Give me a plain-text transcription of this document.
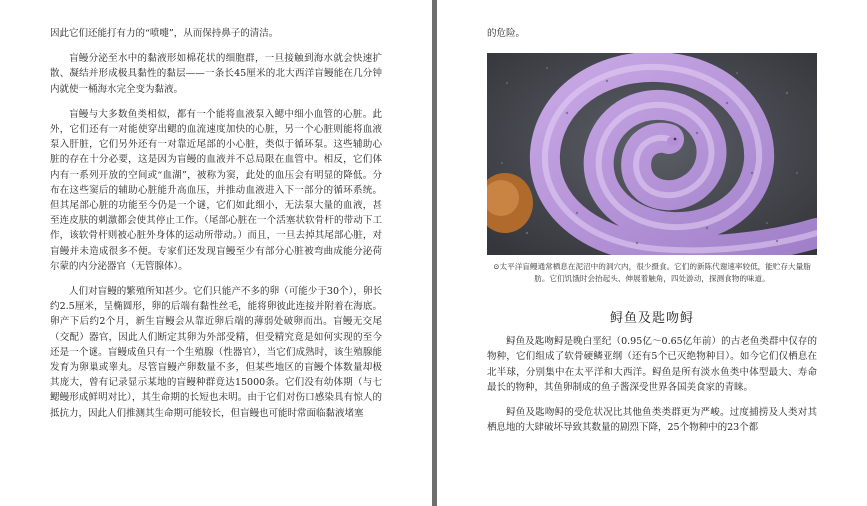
因此它们还能打有力的“喷嚏”，从而保持鼻子的清洁。

盲鳗分泌至水中的黏液形如棉花状的细胞群，一旦接触到海水就会快速扩散、凝结并形成极具黏性的黏层——一条长45厘米的北大西洋盲鳗能在几分钟内就使一桶海水完全变为黏液。

盲鳗与大多数鱼类相似，都有一个能将血液泵入鳃中细小血管的心脏。此外，它们还有一对能使穿出鳃的血流速度加快的心脏，另一个心脏则能将血液泵入肝脏，它们另外还有一对靠近尾部的小心脏，类似于循环泵。这些辅助心脏的存在十分必要，这是因为盲鳗的血液并不总局限在血管中。相反，它们体内有一系列开放的空间或“血湖”，被称为窦，此处的血压会有明显的降低。分布在这些窦后的辅助心脏能升高血压，并推动血液进入下一部分的循环系统。但其尾部心脏的功能至今仍是一个谜，它们如此细小，无法泵大量的血液，甚至连皮肤的刺激都会使其停止工作。（尾部心脏在一个活塞状软骨杆的带动下工作，该软骨杆则被心脏外身体的运动所带动。）而且，一旦去掉其尾部心脏，对盲鳗并未造成很多不便。专家们还发现盲鳗至少有部分心脏被弯曲成能分泌荷尔蒙的内分泌器官（无管腺体）。

人们对盲鳗的繁殖所知甚少。它们只能产不多的卵（可能少于30个），卵长约2.5厘米，呈椭圆形，卵的后端有黏性丝毛，能将卵彼此连接并附着在海底。卵产下后约2个月，新生盲鳗会从靠近卵后端的薄弱处破卵而出。盲鳗无交尾（交配）器官，因此人们断定其卵为外部受精，但受精究竟是如何实现的至今还是一个谜。盲鳗成鱼只有一个生殖腺（性器官），当它们成熟时，该生殖腺能发育为卵巢或睾丸。尽管盲鳗产卵数量不多，但某些地区的盲鳗个体数量却极其庞大，曾有记录显示某地的盲鳗种群竟达15000条。它们没有幼体期（与七鳃鳗形成鲜明对比），其生命期的长短也未明。由于它们对伤口感染具有惊人的抵抗力，因此人们推测其生命期可能较长，但盲鳗也可能时常面临黏液堵塞

的危险。

⊙太平洋盲鳗通常栖息在泥沼中的洞穴内，很少摄食。它们的新陈代谢速率较低，能贮存大量脂肪。它们饥饿时会抬起头、伸展着触角，四处游动，探测食物的味道。
鲟鱼及匙吻鲟

鲟鱼及匙吻鲟是晚白垩纪（0.95亿～0.65亿年前）的古老鱼类群中仅存的物种，它们组成了软骨硬鳞亚纲（还有5个已灭绝物种目）。如今它们仅栖息在北半球，分别集中在太平洋和大西洋。鲟鱼是所有淡水鱼类中体型最大、寿命最长的物种，其鱼卵制成的鱼子酱深受世界各国美食家的青睐。

鲟鱼及匙吻鲟的受危状况比其他鱼类类群更为严峻。过度捕捞及人类对其栖息地的大肆破坏导致其数量的剧烈下降，25个物种中的23个都
